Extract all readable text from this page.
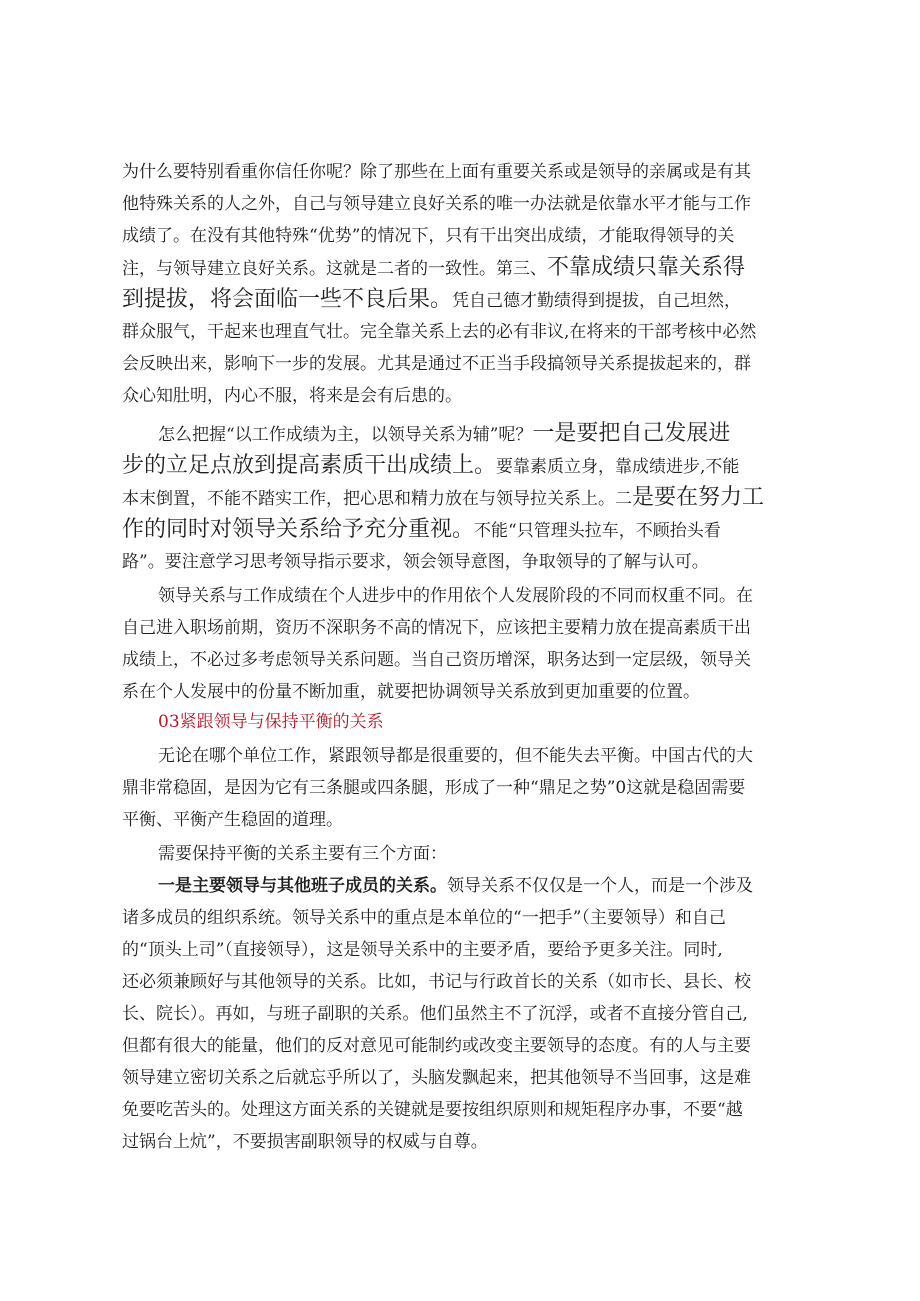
为什么要特别看重你信任你呢？除了那些在上面有重要关系或是领导的亲属或是有其
他特殊关系的人之外，自己与领导建立良好关系的唯一办法就是依靠水平才能与工作
成绩了。在没有其他特殊“优势”的情况下，只有干出突出成绩，才能取得领导的关
注，与领导建立良好关系。这就是二者的一致性。第三、不靠成绩只靠关系得
到提拔，将会面临一些不良后果。凭自己德才勤绩得到提拔，自己坦然，
群众服气，干起来也理直气壮。完全靠关系上去的必有非议,在将来的干部考核中必然
会反映出来，影响下一步的发展。尤其是通过不正当手段搞领导关系提拔起来的，群
众心知肚明，内心不服，将来是会有后患的。
怎么把握“以工作成绩为主，以领导关系为辅”呢？一是要把自己发展进
步的立足点放到提高素质干出成绩上。要靠素质立身，靠成绩进步,不能
本末倒置，不能不踏实工作，把心思和精力放在与领导拉关系上。二是要在努力工
作的同时对领导关系给予充分重视。不能“只管理头拉车，不顾抬头看
路”。要注意学习思考领导指示要求，领会领导意图，争取领导的了解与认可。
领导关系与工作成绩在个人进步中的作用依个人发展阶段的不同而权重不同。在
自己进入职场前期，资历不深职务不高的情况下，应该把主要精力放在提高素质干出
成绩上，不必过多考虑领导关系问题。当自己资历增深，职务达到一定层级，领导关
系在个人发展中的份量不断加重，就要把协调领导关系放到更加重要的位置。
03紧跟领导与保持平衡的关系
无论在哪个单位工作，紧跟领导都是很重要的，但不能失去平衡。中国古代的大
鼎非常稳固，是因为它有三条腿或四条腿，形成了一种“鼎足之势”0这就是稳固需要
平衡、平衡产生稳固的道理。
需要保持平衡的关系主要有三个方面：
一是主要领导与其他班子成员的关系。领导关系不仅仅是一个人，而是一个涉及
诸多成员的组织系统。领导关系中的重点是本单位的“一把手”（主要领导）和自己
的“顶头上司”（直接领导），这是领导关系中的主要矛盾，要给予更多关注。同时,
还必须兼顾好与其他领导的关系。比如，书记与行政首长的关系（如市长、县长、校
长、院长）。再如，与班子副职的关系。他们虽然主不了沉浮，或者不直接分管自己,
但都有很大的能量，他们的反对意见可能制约或改变主要领导的态度。有的人与主要
领导建立密切关系之后就忘乎所以了，头脑发飘起来，把其他领导不当回事，这是难
免要吃苦头的。处理这方面关系的关键就是要按组织原则和规矩程序办事，不要“越
过锅台上炕”，不要损害副职领导的权威与自尊。
